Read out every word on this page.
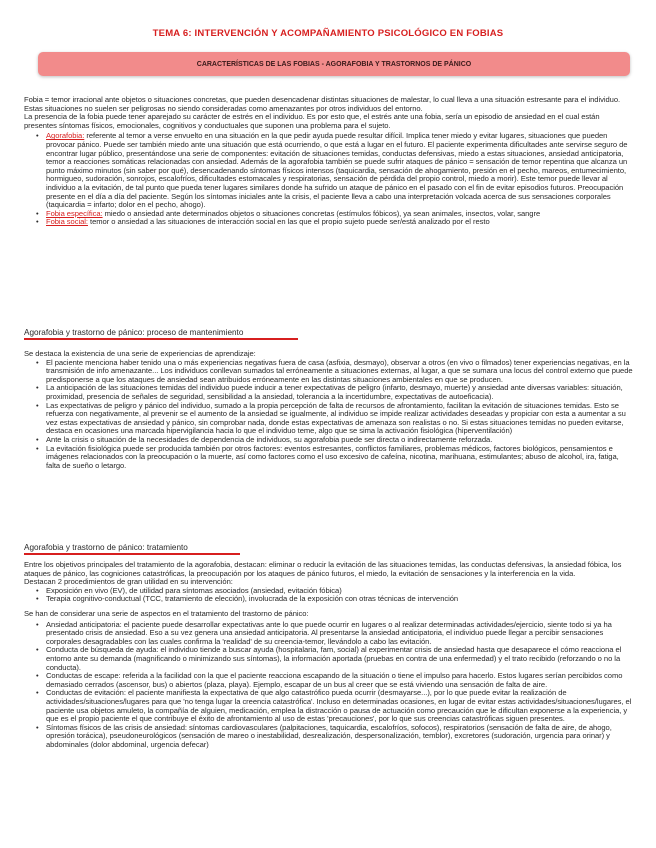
TEMA 6: INTERVENCIÓN Y ACOMPAÑAMIENTO PSICOLÓGICO EN FOBIAS
CARACTERÍSTICAS DE LAS FOBIAS - AGORAFOBIA Y TRASTORNOS DE PÁNICO

Fobia = temor irracional ante objetos o situaciones concretas, que pueden desencadenar distintas situaciones de malestar, lo cual lleva a una situación estresante para el individuo.

Estas situaciones no suelen ser peligrosas no siendo consideradas como amenazantes por otros individuos del entorno.

La presencia de la fobia puede tener aparejado su carácter de estrés en el individuo. Es por esto que, el estrés ante una fobia, sería un episodio de ansiedad en el cual están presentes síntomas físicos, emocionales, cognitivos y conductuales que suponen una problema para el sujeto.

• Agorafobia: referente al temor a verse envuelto en una situación en la que pedir ayuda puede resultar difícil. Implica tener miedo y evitar lugares, situaciones que pueden provocar pánico. Puede ser también miedo ante una situación que está ocurriendo, o que está a lugar en el futuro. El paciente experimenta dificultades ante servirse seguro de encontrar lugar público, presentándose una serie de componentes: evitación de situaciones temidas, conductas defensivas, miedo a estas situaciones, ansiedad anticipatoria, temor a reacciones somáticas relacionadas con ansiedad. Además de la agorafobia también se puede sufrir ataques de pánico = sensación de temor repentina que alcanza un punto máximo minutos (sin saber por qué), desencadenando síntomas físicos intensos (taquicardia, sensación de ahogamiento, presión en el pecho, mareos, entumecimiento, hormigueo, sudoración, sonrojos, escalofríos, dificultades estomacales y respiratorias, sensación de pérdida del propio control, miedo a morir). Este temor puede llevar al individuo a la evitación, de tal punto que pueda tener lugares similares donde ha sufrido un ataque de pánico en el pasado con el fin de evitar episodios futuros. Preocupación presente en el día a día del paciente. Según los síntomas iniciales ante la crisis, el paciente lleva a cabo una interpretación volcada acerca de sus sensaciones corporales (taquicardia = infarto; dolor en el pecho, ahogo).
• Fobia específica: miedo o ansiedad ante determinados objetos o situaciones concretas (estímulos fóbicos), ya sean animales, insectos, volar, sangre
• Fobia social: temor o ansiedad a las situaciones de interacción social en las que el propio sujeto puede ser/está analizado por el resto
Agorafobia y trastorno de pánico: proceso de mantenimiento

Se destaca la existencia de una serie de experiencias de aprendizaje:

• El paciente menciona haber tenido una o más experiencias negativas fuera de casa (asfixia, desmayo), observar a otros (en vivo o filmados) tener experiencias negativas, en la transmisión de info amenazante... Los individuos conllevan sumados tal erróneamente a situaciones externas, al lugar, a que se sumara una locus del control externo que puede predisponerse a que los ataques de ansiedad sean atribuidos erróneamente en las distintas situaciones ambientales en que se producen.
• La anticipación de las situaciones temidas del individuo puede inducir a tener expectativas de peligro (infarto, desmayo, muerte) y ansiedad ante diversas variables: situación, proximidad, presencia de señales de seguridad, sensibilidad a la ansiedad, tolerancia a la incertidumbre, expectativas de autoeficacia).
• Las expectativas de peligro y pánico del individuo, sumado a la propia percepción de falta de recursos de afrontamiento, facilitan la evitación de situaciones temidas. Esto se refuerza con negativamente, al prevenir se el aumento de la ansiedad se igualmente, al individuo se impide realizar actividades deseadas y propiciar con esta a aumentar a su vez estas expectativas de ansiedad y pánico, sin comprobar nada, donde estas expectativas de amenaza son realistas o no. Si estas situaciones temidas no pueden evitarse, destaca en ocasiones una marcada hipervigilancia hacia lo que el individuo teme, algo que se sima la activación fisiológica (hiperventilación)
• Ante la crisis o situación de la necesidades de dependencia de individuos, su agorafobia puede ser directa o indirectamente reforzada.
• La evitación fisiológica puede ser producida también por otros factores: eventos estresantes, conflictos familiares, problemas médicos, factores biológicos, pensamientos e imágenes relacionados con la preocupación o la muerte, así como factores como el uso excesivo de cafeína, nicotina, marihuana, estimulantes; abuso de alcohol, ira, fatiga, falta de sueño o letargo.
Agorafobia y trastorno de pánico: tratamiento

Entre los objetivos principales del tratamiento de la agorafobia, destacan: eliminar o reducir la evitación de las situaciones temidas, las conductas defensivas, la ansiedad fóbica, los ataques de pánico, las cogniciones catastróficas, la preocupación por los ataques de pánico futuros, el miedo, la evitación de sensaciones y la interferencia en la vida.

Destacan 2 procedimientos de gran utilidad en su intervención:

• Exposición en vivo (EV), de utilidad para síntomas asociados (ansiedad, evitación fóbica)
• Terapia cognitivo-conductual (TCC, tratamiento de elección), involucrada de la exposición con otras técnicas de intervención

Se han de considerar una serie de aspectos en el tratamiento del trastorno de pánico:

• Ansiedad anticipatoria: el paciente puede desarrollar expectativas ante lo que puede ocurrir en lugares o al realizar determinadas actividades/ejercicio, siente todo si ya ha presentado crisis de ansiedad. Eso a su vez genera una ansiedad anticipatoria. Al presentarse la ansiedad anticipatoria, el individuo puede llegar a percibir sensaciones corporales desagradables con las cuales confirma la 'realidad' de su creencia-temor, llevándolo a cabo las evitación.
• Conducta de búsqueda de ayuda: el individuo tiende a buscar ayuda (hospitalaria, fam, social) al experimentar crisis de ansiedad hasta que desaparece el cómo reacciona el entorno ante su demanda (magnificando o minimizando sus síntomas), la información aportada (pruebas en contra de una enfermedad) y el trato recibido (reforzando o no la conducta).
• Conductas de escape: referida a la facilidad con la que el paciente reacciona escapando de la situación o tiene el impulso para hacerlo. Estos lugares serían percibidos como demasiado cerrados (ascensor, bus) o abiertos (plaza, playa). Ejemplo, escapar de un bus al creer que se está viviendo una sensación de falta de aire.
• Conductas de evitación: el paciente manifiesta la expectativa de que algo catastrófico pueda ocurrir (desmayarse...), por lo que puede evitar la realización de actividades/situaciones/lugares para que 'no tenga lugar la creencia catastrófica'. Incluso en determinadas ocasiones, en lugar de evitar estas actividades/situaciones/lugares, el paciente usa objetos amuleto, la compañía de alguien, medicación, emplea la distracción o pausa de actuación como precaución que le dificultan exponerse a la experiencia, y que es el propio paciente el que contribuye el éxito de afrontamiento al uso de estas 'precauciones', por lo que sus creencias catastróficas siguen presentes.
• Síntomas físicos de las crisis de ansiedad: síntomas cardiovasculares (palpitaciones, taquicardia, escalofríos, sofocos), respiratorios (sensación de falta de aire, de ahogo, opresión torácica), pseudoneurológicos (sensación de mareo o inestabilidad, desrealización, despersonalización, temblor), excretores (sudoración, urgencia para orinar) y abdominales (dolor abdominal, urgencia defecar)
